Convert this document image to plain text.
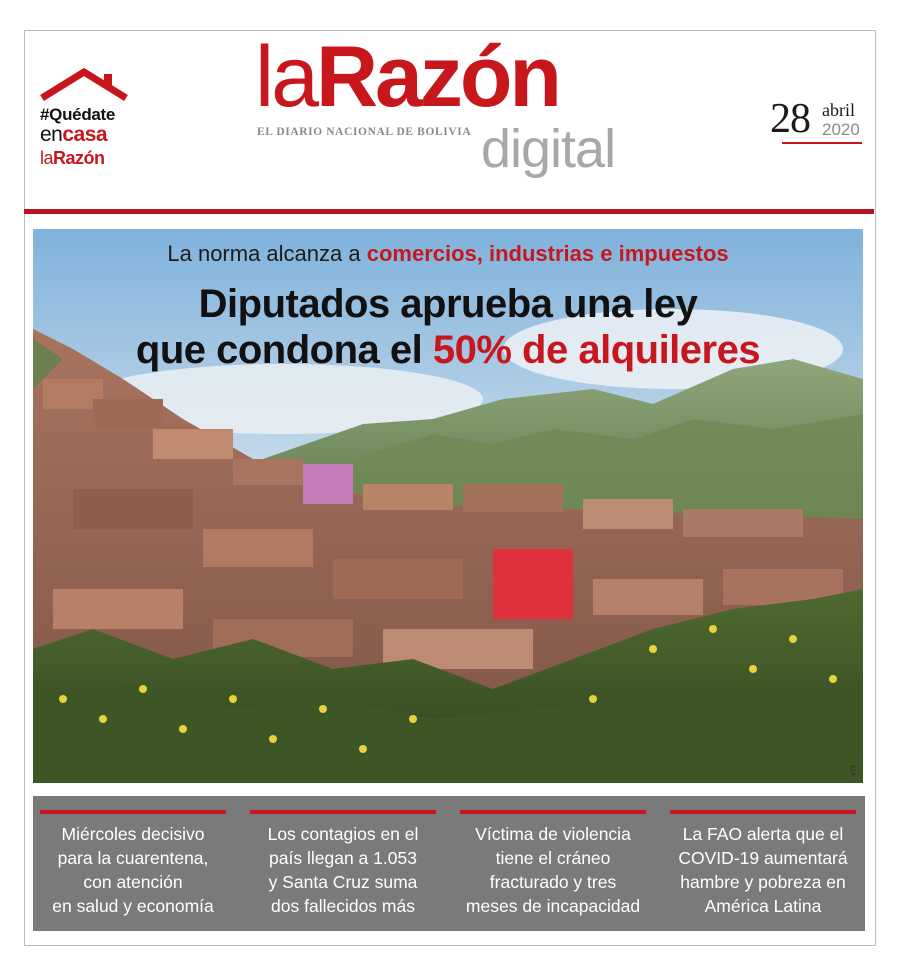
#Quédate
encasa
laRazón
laRazón
EL DIARIO NACIONAL DE BOLIVIA digital	28 abril
2020
La norma alcanza a comercios, industrias e impuestos
Diputados aprueba una ley
que condona el 50% de alquileres
MA
Miércoles decisivo
para la cuarentena,
con atención
en salud y economía
Los contagios en el
país llegan a 1.053
y Santa Cruz suma
dos fallecidos más
Víctima de violencia
tiene el cráneo
fracturado y tres
meses de incapacidad
La FAO alerta que el
COVID-19 aumentará
hambre y pobreza en
América Latina
